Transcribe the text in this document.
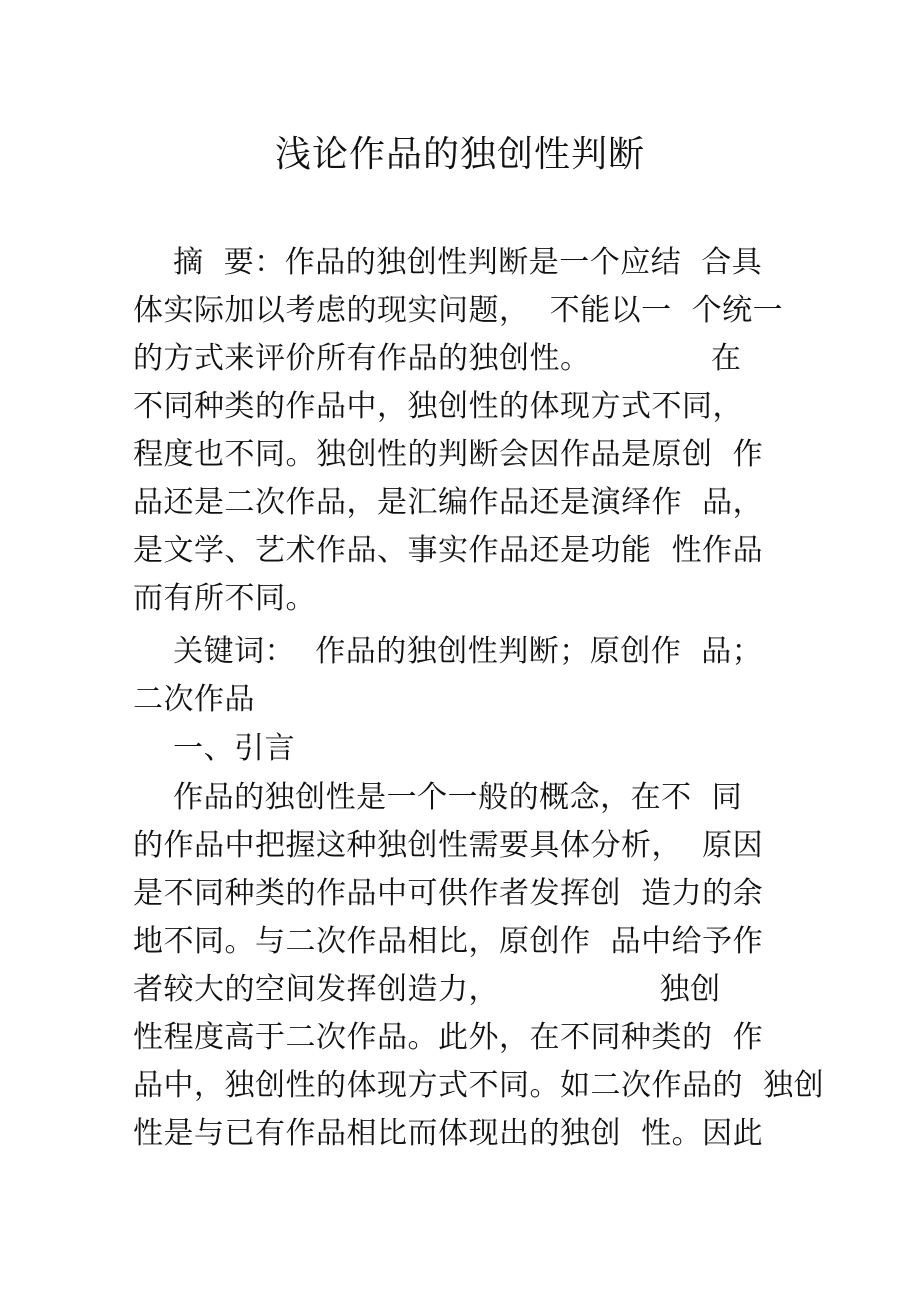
浅论作品的独创性判断
摘  要：作品的独创性判断是一个应结  合具
体实际加以考虑的现实问题，  不能以一  个统一
的方式来评价所有作品的独创性。            在
不同种类的作品中，独创性的体现方式不同，
程度也不同。独创性的判断会因作品是原创  作
品还是二次作品，是汇编作品还是演绎作  品，
是文学、艺术作品、事实作品还是功能  性作品
而有所不同。
关键词：  作品的独创性判断；原创作  品；
二次作品
一、引言
作品的独创性是一个一般的概念，在不  同
的作品中把握这种独创性需要具体分析，  原因
是不同种类的作品中可供作者发挥创  造力的余
地不同。与二次作品相比，原创作  品中给予作
者较大的空间发挥创造力，                独创
性程度高于二次作品。此外，在不同种类的  作
品中，独创性的体现方式不同。如二次作品的  独创
性是与已有作品相比而体现出的独创  性。因此
